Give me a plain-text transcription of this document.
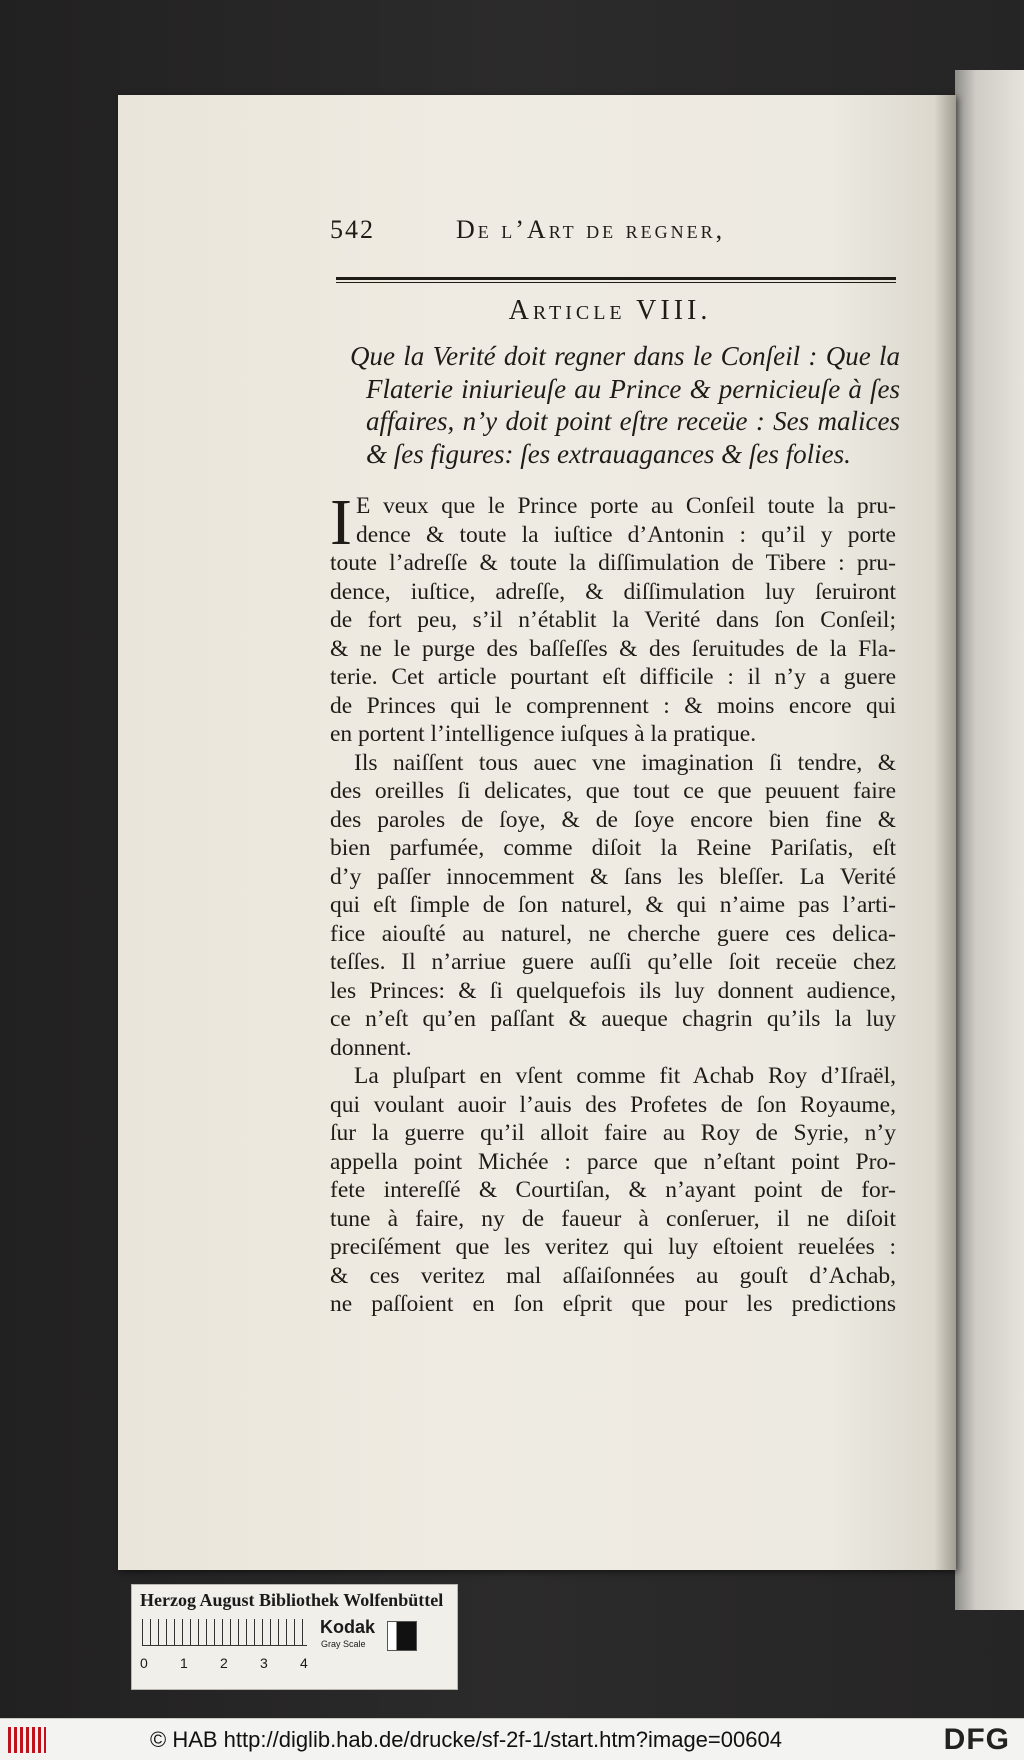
542	De l’Art de regner,
Article VIII.
Que la Verité doit regner dans le Conſeil : Que la
Flaterie iniurieuſe au Prince & pernicieuſe à ſes
affaires, n’y doit point eſtre receüe : Ses malices
& ſes figures: ſes extrauagances & ſes folies.
I E veux que le Prince porte au Conſeil toute la pru-
dence & toute la iuſtice d’Antonin : qu’il y porte
toute l’adreſſe & toute la diſſimulation de Tibere : pru-
dence, iuſtice, adreſſe, & diſſimulation luy ſeruiront
de fort peu, s’il n’établit la Verité dans ſon Conſeil;
& ne le purge des baſſeſſes & des ſeruitudes de la Fla-
terie. Cet article pourtant eſt difficile : il n’y a guere
de Princes qui le comprennent : & moins encore qui
en portent l’intelligence iuſques à la pratique.
Ils naiſſent tous auec vne imagination ſi tendre, &
des oreilles ſi delicates, que tout ce que peuuent faire
des paroles de ſoye, & de ſoye encore bien fine &
bien parfumée, comme diſoit la Reine Pariſatis, eſt
d’y paſſer innocemment & ſans les bleſſer. La Verité
qui eſt ſimple de ſon naturel, & qui n’aime pas l’arti-
fice aiouſté au naturel, ne cherche guere ces delica-
teſſes. Il n’arriue guere auſſi qu’elle ſoit receüe chez
les Princes: & ſi quelquefois ils luy donnent audience,
ce n’eſt qu’en paſſant & aueque chagrin qu’ils la luy
donnent.
La pluſpart en vſent comme fit Achab Roy d’Iſraël,
qui voulant auoir l’auis des Profetes de ſon Royaume,
ſur la guerre qu’il alloit faire au Roy de Syrie, n’y
appella point Michée : parce que n’eſtant point Pro-
fete intereſſé & Courtiſan, & n’ayant point de for-
tune à faire, ny de faueur à conſeruer, il ne diſoit
preciſément que les veritez qui luy eſtoient reuelées :
& ces veritez mal aſſaiſonnées au gouſt d’Achab,
ne paſſoient en ſon eſprit que pour les predictions
Herzog August Bibliothek Wolfenbüttel
0 1 2 3 4
Kodak
Gray Scale
© HAB http://diglib.hab.de/drucke/sf-2f-1/start.htm?image=00604	DFG
